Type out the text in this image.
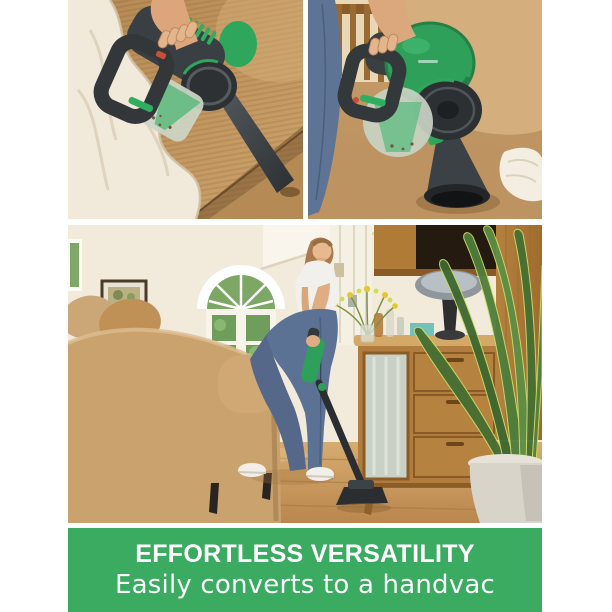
EFFORTLESS VERSATILITY
Easily converts to a handvac
